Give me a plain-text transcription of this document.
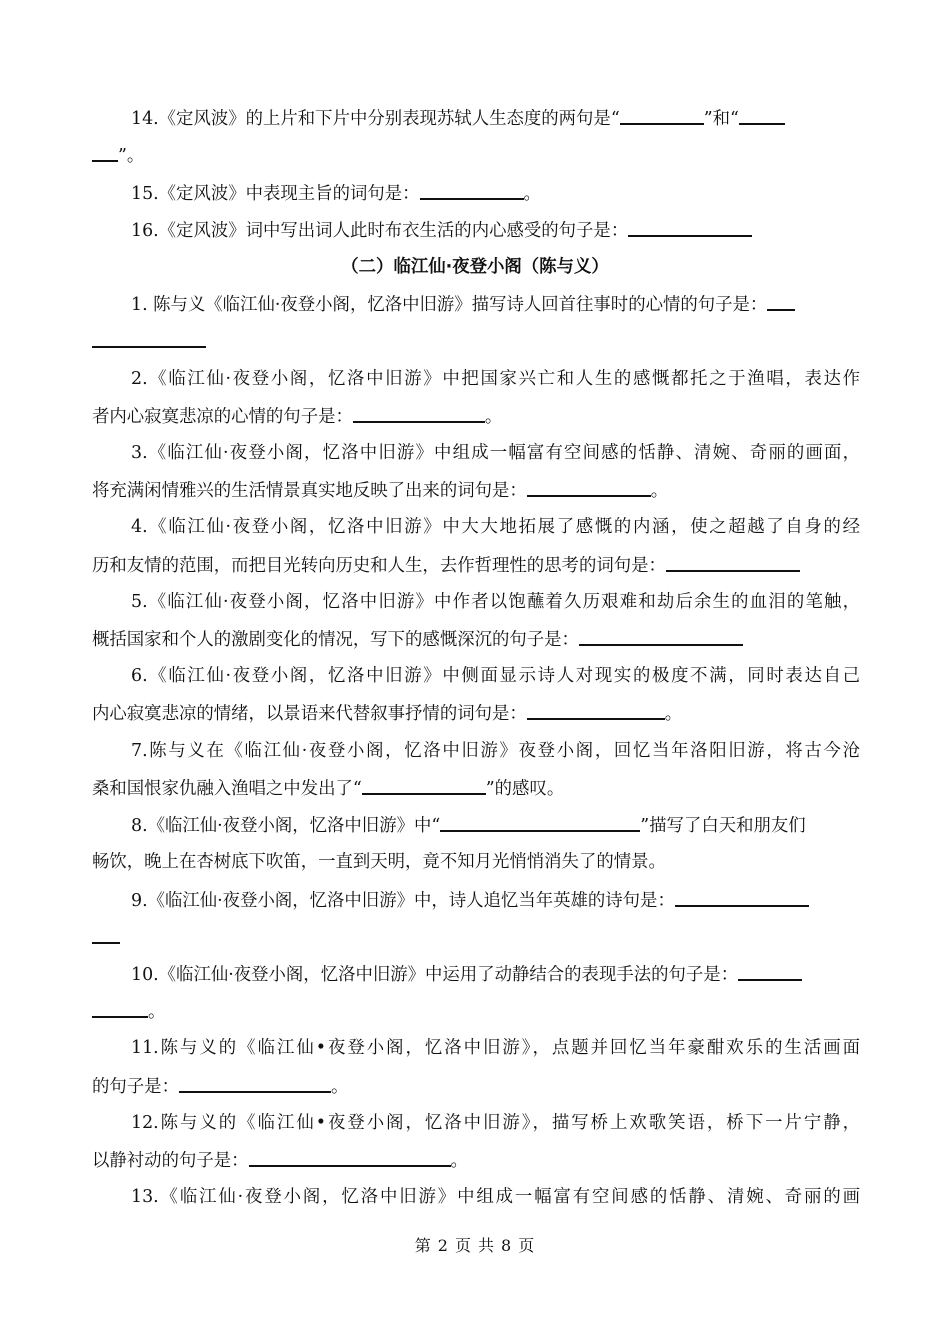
14.《定风波》的上片和下片中分别表现苏轼人生态度的两句是“	”和“
”。
15.《定风波》中表现主旨的词句是：	。
16.《定风波》词中写出词人此时布衣生活的内心感受的句子是：
（二）临江仙·夜登小阁（陈与义）
1. 陈与义《临江仙·夜登小阁，忆洛中旧游》描写诗人回首往事时的心情的句子是：
2.《临江仙·夜登小阁，忆洛中旧游》中把国家兴亡和人生的感慨都托之于渔唱，表达作
者内心寂寞悲凉的心情的句子是：	。
3.《临江仙·夜登小阁，忆洛中旧游》中组成一幅富有空间感的恬静、清婉、奇丽的画面，
将充满闲情雅兴的生活情景真实地反映了出来的词句是：	。
4.《临江仙·夜登小阁，忆洛中旧游》中大大地拓展了感慨的内涵，使之超越了自身的经
历和友情的范围，而把目光转向历史和人生，去作哲理性的思考的词句是：
5.《临江仙·夜登小阁，忆洛中旧游》中作者以饱蘸着久历艰难和劫后余生的血泪的笔触，
概括国家和个人的激剧变化的情况，写下的感慨深沉的句子是：
6.《临江仙·夜登小阁，忆洛中旧游》中侧面显示诗人对现实的极度不满，同时表达自己
内心寂寞悲凉的情绪，以景语来代替叙事抒情的词句是：	。
7.陈与义在《临江仙·夜登小阁，忆洛中旧游》夜登小阁，回忆当年洛阳旧游，将古今沧
桑和国恨家仇融入渔唱之中发出了“	”的感叹。
8.《临江仙·夜登小阁，忆洛中旧游》中“	”描写了白天和朋友们
畅饮，晚上在杏树底下吹笛，一直到天明，竟不知月光悄悄消失了的情景。
9.《临江仙·夜登小阁，忆洛中旧游》中，诗人追忆当年英雄的诗句是：
10.《临江仙·夜登小阁，忆洛中旧游》中运用了动静结合的表现手法的句子是：
。
11.陈与义的《临江仙•夜登小阁，忆洛中旧游》，点题并回忆当年豪酣欢乐的生活画面
的句子是：	。
12.陈与义的《临江仙•夜登小阁，忆洛中旧游》，描写桥上欢歌笑语，桥下一片宁静，
以静衬动的句子是：	。
13.《临江仙·夜登小阁，忆洛中旧游》中组成一幅富有空间感的恬静、清婉、奇丽的画
第 2 页 共 8 页
